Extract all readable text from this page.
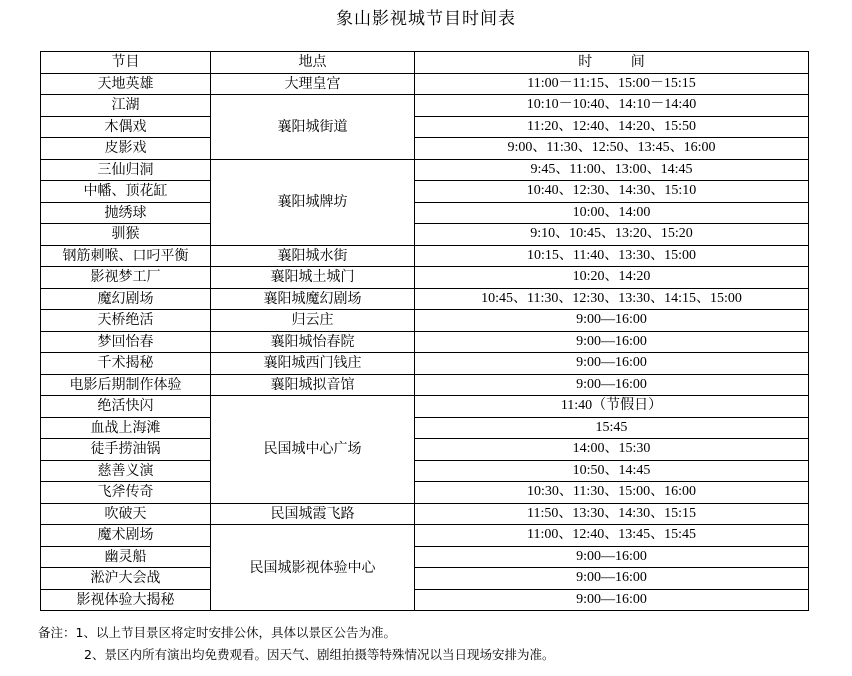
象山影视城节目时间表
节目	地点	时 间
天地英雄	大理皇宫	11:00－11:15、15:00－15:15
江湖	襄阳城街道	10:10－10:40、14:10－14:40
木偶戏		11:20、12:40、14:20、15:50
皮影戏		9:00、11:30、12:50、13:45、16:00
三仙归洞	襄阳城牌坊	9:45、11:00、13:00、14:45
中幡、顶花缸		10:40、12:30、14:30、15:10
抛绣球		10:00、14:00
驯猴		9:10、10:45、13:20、15:20
钢筋刺喉、口叼平衡	襄阳城水街	10:15、11:40、13:30、15:00
影视梦工厂	襄阳城土城门	10:20、14:20
魔幻剧场	襄阳城魔幻剧场	10:45、11:30、12:30、13:30、14:15、15:00
天桥绝活	归云庄	9:00—16:00
梦回怡春	襄阳城怡春院	9:00—16:00
千术揭秘	襄阳城西门钱庄	9:00—16:00
电影后期制作体验	襄阳城拟音馆	9:00—16:00
绝活快闪	民国城中心广场	11:40（节假日）
血战上海滩		15:45
徒手捞油锅		14:00、15:30
慈善义演		10:50、14:45
飞斧传奇		10:30、11:30、15:00、16:00
吹破天	民国城霞飞路	11:50、13:30、14:30、15:15
魔术剧场	民国城影视体验中心	11:00、12:40、13:45、15:45
幽灵船		9:00—16:00
淞沪大会战		9:00—16:00
影视体验大揭秘		9:00—16:00
备注：1、以上节目景区将定时安排公休，具体以景区公告为准。
2、景区内所有演出均免费观看。因天气、剧组拍摄等特殊情况以当日现场安排为准。
